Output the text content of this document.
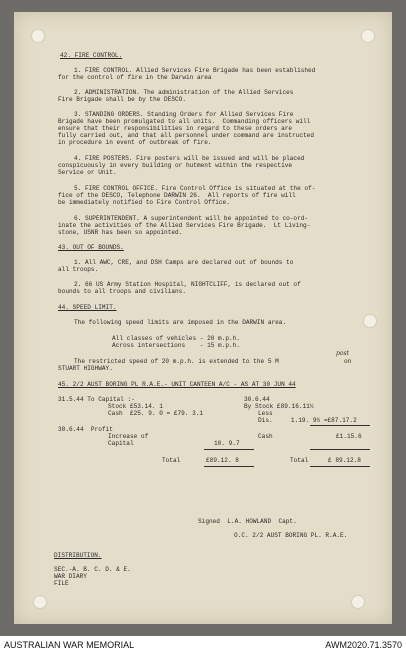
42. FIRE CONTROL.
1. FIRE CONTROL. Allied Services Fire Brigade has been established
for the control of fire in the Darwin area
2. ADMINISTRATION. The administration of the Allied Services
Fire Brigade shall be by the DESCO.
3. STANDING ORDERS. Standing Orders for Allied Services Fire
Brigade have been promulgated to all units.  Commanding officers will
ensure that their responsibilities in regard to these orders are
fully carried out, and that all personnel under command are instructed
in procedure in event of outbreak of fire.
4. FIRE POSTERS. Fire posters will be issued and will be placed
conspicuously in every building or hutment within the respective
Service or Unit.
5. FIRE CONTROL OFFICE. Fire Control Office is situated at the of-
fice of the DESCO, Telephone DARWIN 26.  All reports of fire will
be immediately notified to Fire Control Office.
6. SUPERINTENDENT. A superintendent will be appointed to co-ord-
inate the activities of the Allied Services Fire Brigade.  Lt Living-
stone, USNR has been so appointed.
43. OUT OF BOUNDS.
1. All AWC, CRE, and DSH Camps are declared out of bounds to
all troops.
2. 66 US Army Station Hospital, NIGHTCLIFF, is declared out of
bounds to all troops and civilians.
44. SPEED LIMIT.
The following speed limits are imposed in the DARWIN area.
All classes of vehicles - 20 m.p.h.
Across intersections    - 15 m.p.h.
post
The restricted speed of 20 m.p.h. is extended to the 5 M	on
STUART HIGHWAY.
45. 2/2 AUST BORING PL R.A.E.- UNIT CANTEEN A/C - AS AT 30 JUN 44
31.5.44 To Capital :-
Stock £53.14. 1
Cash  £25. 9. 0 = £79. 3.1
30.6.44  Profit
Increase of
Capital	10. 9.7
Total	£89.12. 8
30.6.44
By Stock £89.16.11½
Less
Dis.     1.19. 9½ =£87.17.2
Cash	£1.15.6
Total	£ 89.12.8
Signed  L.A. HOWLAND  Capt.
O.C. 2/2 AUST BORING PL. R.A.E.
DISTRIBUTION.
SEC.-A. B. C. D. & E.
WAR DIARY
FILE
AUSTRALIAN WAR MEMORIAL	AWM2020.71.3570
